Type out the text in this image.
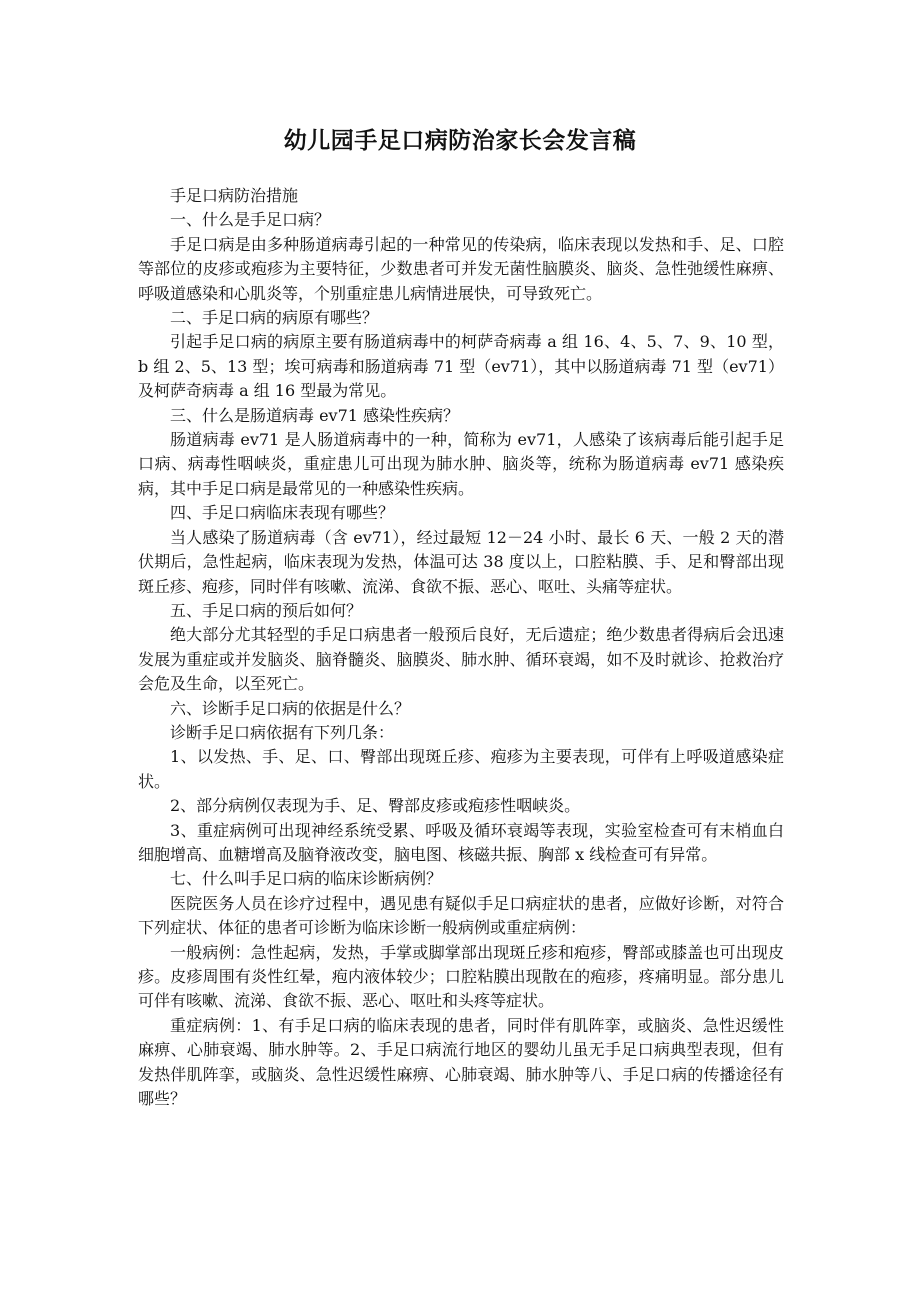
幼儿园手足口病防治家长会发言稿

手足口病防治措施

一、什么是手足口病？

手足口病是由多种肠道病毒引起的一种常见的传染病，临床表现以发热和手、足、口腔等部位的皮疹或疱疹为主要特征，少数患者可并发无菌性脑膜炎、脑炎、急性弛缓性麻痹、呼吸道感染和心肌炎等，个别重症患儿病情进展快，可导致死亡。

二、手足口病的病原有哪些？

引起手足口病的病原主要有肠道病毒中的柯萨奇病毒 a 组 16、4、5、7、9、10 型，b 组 2、5、13 型；埃可病毒和肠道病毒 71 型（ev71），其中以肠道病毒 71 型（ev71）及柯萨奇病毒 a 组 16 型最为常见。

三、什么是肠道病毒 ev71 感染性疾病？

肠道病毒 ev71 是人肠道病毒中的一种，简称为 ev71，人感染了该病毒后能引起手足口病、病毒性咽峡炎，重症患儿可出现为肺水肿、脑炎等，统称为肠道病毒 ev71 感染疾病，其中手足口病是最常见的一种感染性疾病。

四、手足口病临床表现有哪些？

当人感染了肠道病毒（含 ev71），经过最短 12－24 小时、最长 6 天、一般 2 天的潜伏期后，急性起病，临床表现为发热，体温可达 38 度以上，口腔粘膜、手、足和臀部出现斑丘疹、疱疹，同时伴有咳嗽、流涕、食欲不振、恶心、呕吐、头痛等症状。

五、手足口病的预后如何？

绝大部分尤其轻型的手足口病患者一般预后良好，无后遗症；绝少数患者得病后会迅速发展为重症或并发脑炎、脑脊髓炎、脑膜炎、肺水肿、循环衰竭，如不及时就诊、抢救治疗会危及生命，以至死亡。

六、诊断手足口病的依据是什么？

诊断手足口病依据有下列几条：

1、以发热、手、足、口、臀部出现斑丘疹、疱疹为主要表现，可伴有上呼吸道感染症状。

2、部分病例仅表现为手、足、臀部皮疹或疱疹性咽峡炎。

3、重症病例可出现神经系统受累、呼吸及循环衰竭等表现，实验室检查可有末梢血白细胞增高、血糖增高及脑脊液改变，脑电图、核磁共振、胸部 x 线检查可有异常。

七、什么叫手足口病的临床诊断病例？

医院医务人员在诊疗过程中，遇见患有疑似手足口病症状的患者，应做好诊断，对符合下列症状、体征的患者可诊断为临床诊断一般病例或重症病例：

一般病例：急性起病，发热，手掌或脚掌部出现斑丘疹和疱疹，臀部或膝盖也可出现皮疹。皮疹周围有炎性红晕，疱内液体较少；口腔粘膜出现散在的疱疹，疼痛明显。部分患儿可伴有咳嗽、流涕、食欲不振、恶心、呕吐和头疼等症状。

重症病例：1、有手足口病的临床表现的患者，同时伴有肌阵挛，或脑炎、急性迟缓性麻痹、心肺衰竭、肺水肿等。2、手足口病流行地区的婴幼儿虽无手足口病典型表现，但有发热伴肌阵挛，或脑炎、急性迟缓性麻痹、心肺衰竭、肺水肿等八、手足口病的传播途径有哪些？
